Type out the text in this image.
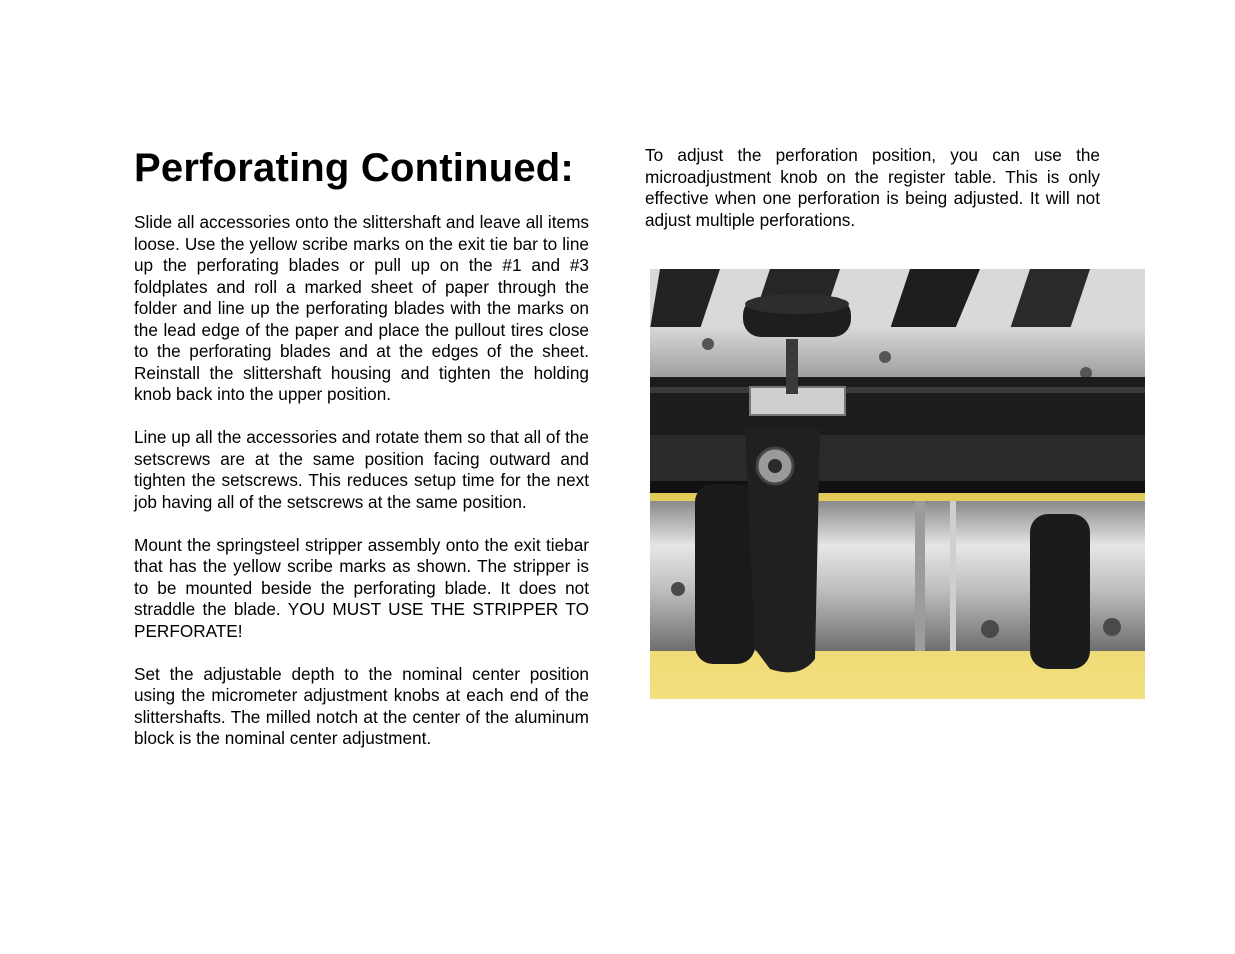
Perforating Continued:

Slide all accessories onto the slittershaft and leave all items loose. Use the yellow scribe marks on the exit tie bar to line up the perforating blades or pull up on the #1 and #3 foldplates and roll a marked sheet of paper through the folder and line up the perforating blades with the marks on the lead edge of the paper and place the pullout tires close to the perforating blades and at the edges of the sheet. Reinstall the slittershaft housing and tighten the holding knob back into the upper position.

Line up all the accessories and rotate them so that all of the setscrews are at the same position facing outward and tighten the setscrews. This reduces setup time for the next job having all of the setscrews at the same position.

Mount the springsteel stripper assembly onto the exit tiebar that has the yellow scribe marks as shown. The stripper is to be mounted beside the perforating blade. It does not straddle the blade. YOU MUST USE THE STRIPPER TO PERFORATE!

Set the adjustable depth to the nominal center position using the micrometer adjustment knobs at each end of the slittershafts. The milled notch at the center of the aluminum block is the nominal center adjustment.

To adjust the perforation position, you can use the microadjustment knob on the register table. This is only effective when one perforation is being adjusted. It will not adjust multiple perforations.
